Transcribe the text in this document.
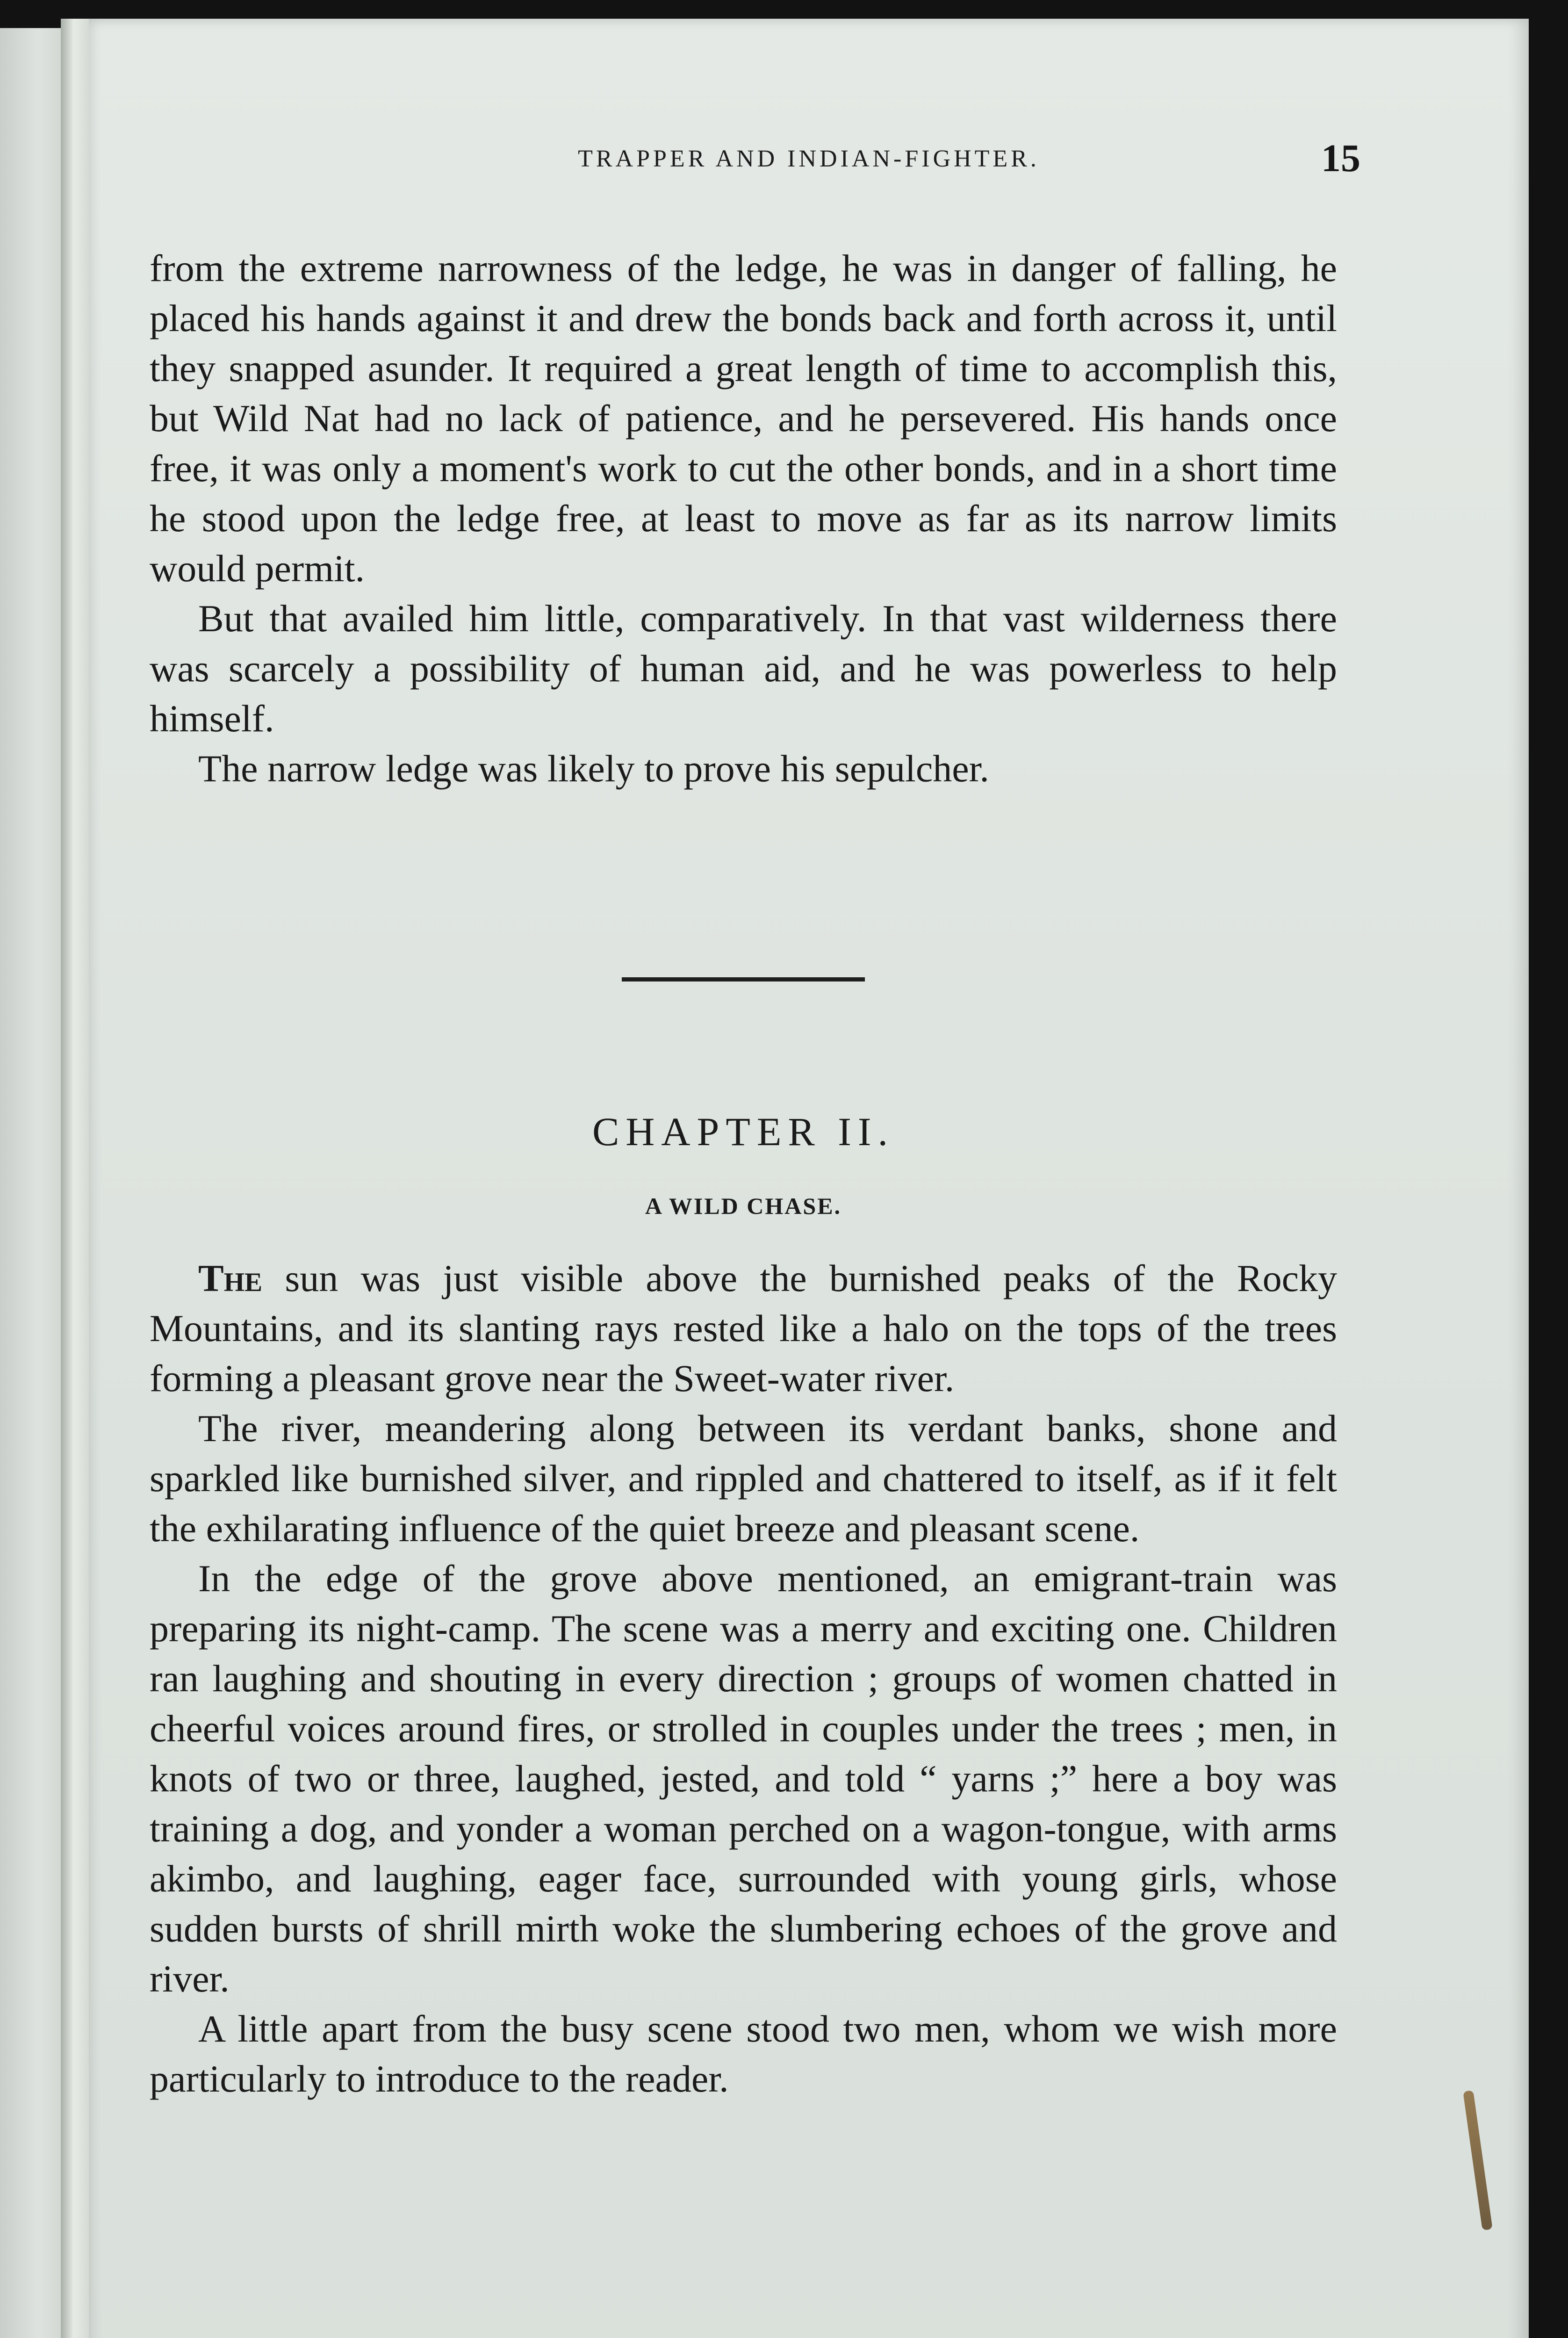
TRAPPER AND INDIAN-FIGHTER.	15

from the extreme narrowness of the ledge, he was in danger of falling, he placed his hands against it and drew the bonds back and forth across it, until they snapped asunder. It required a great length of time to accomplish this, but Wild Nat had no lack of patience, and he persevered. His hands once free, it was only a moment's work to cut the other bonds, and in a short time he stood upon the ledge free, at least to move as far as its narrow limits would permit.

But that availed him little, comparatively. In that vast wilderness there was scarcely a possibility of human aid, and he was powerless to help himself.

The narrow ledge was likely to prove his sepulcher.

CHAPTER II.
A WILD CHASE.

The sun was just visible above the burnished peaks of the Rocky Mountains, and its slanting rays rested like a halo on the tops of the trees forming a pleasant grove near the Sweet-water river.

The river, meandering along between its verdant banks, shone and sparkled like burnished silver, and rippled and chattered to itself, as if it felt the exhilarating influence of the quiet breeze and pleasant scene.

In the edge of the grove above mentioned, an emigrant-train was preparing its night-camp. The scene was a merry and exciting one. Children ran laughing and shouting in every direction ; groups of women chatted in cheerful voices around fires, or strolled in couples under the trees ; men, in knots of two or three, laughed, jested, and told “ yarns ;” here a boy was training a dog, and yonder a woman perched on a wagon-tongue, with arms akimbo, and laughing, eager face, surrounded with young girls, whose sudden bursts of shrill mirth woke the slumbering echoes of the grove and river.

A little apart from the busy scene stood two men, whom we wish more particularly to introduce to the reader.
